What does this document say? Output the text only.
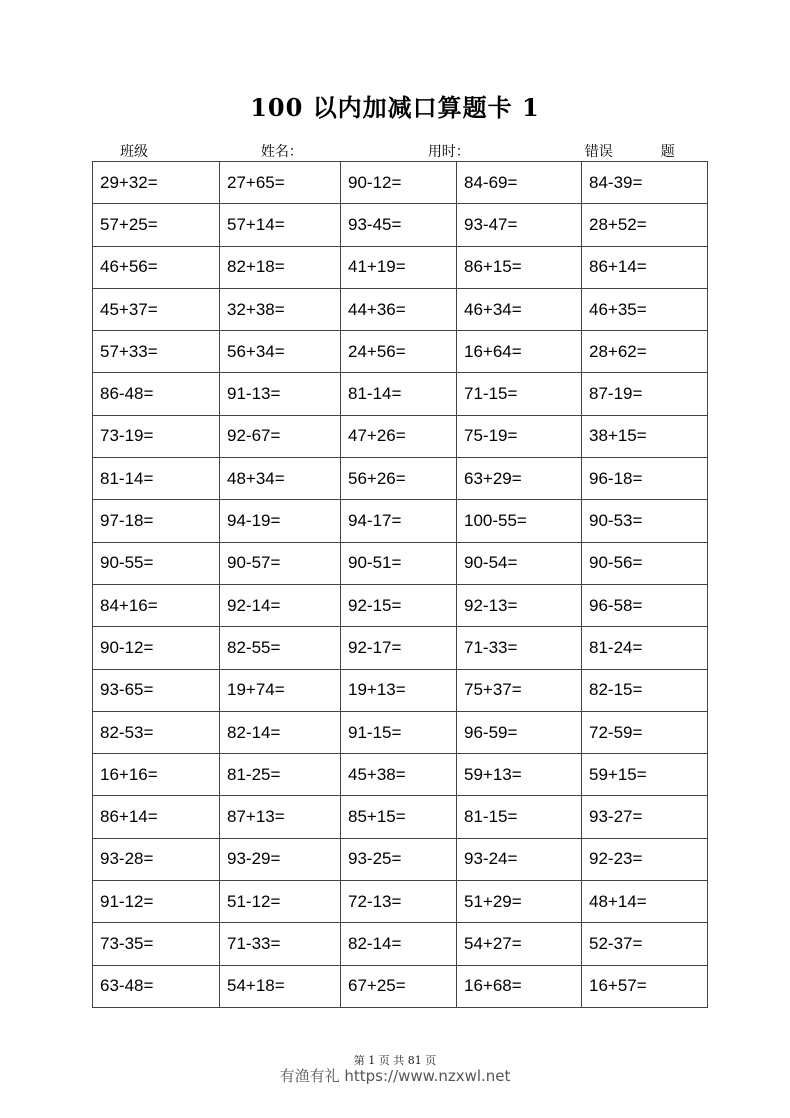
100 以内加减口算题卡 1
班级	姓名：	用时：	错误	题
29+32=	27+65=	90-12=	84-69=	84-39=
57+25=	57+14=	93-45=	93-47=	28+52=
46+56=	82+18=	41+19=	86+15=	86+14=
45+37=	32+38=	44+36=	46+34=	46+35=
57+33=	56+34=	24+56=	16+64=	28+62=
86-48=	91-13=	81-14=	71-15=	87-19=
73-19=	92-67=	47+26=	75-19=	38+15=
81-14=	48+34=	56+26=	63+29=	96-18=
97-18=	94-19=	94-17=	100-55=	90-53=
90-55=	90-57=	90-51=	90-54=	90-56=
84+16=	92-14=	92-15=	92-13=	96-58=
90-12=	82-55=	92-17=	71-33=	81-24=
93-65=	19+74=	19+13=	75+37=	82-15=
82-53=	82-14=	91-15=	96-59=	72-59=
16+16=	81-25=	45+38=	59+13=	59+15=
86+14=	87+13=	85+15=	81-15=	93-27=
93-28=	93-29=	93-25=	93-24=	92-23=
91-12=	51-12=	72-13=	51+29=	48+14=
73-35=	71-33=	82-14=	54+27=	52-37=
63-48=	54+18=	67+25=	16+68=	16+57=
第 1 页 共 81 页
有渔有礼 https://www.nzxwl.net
